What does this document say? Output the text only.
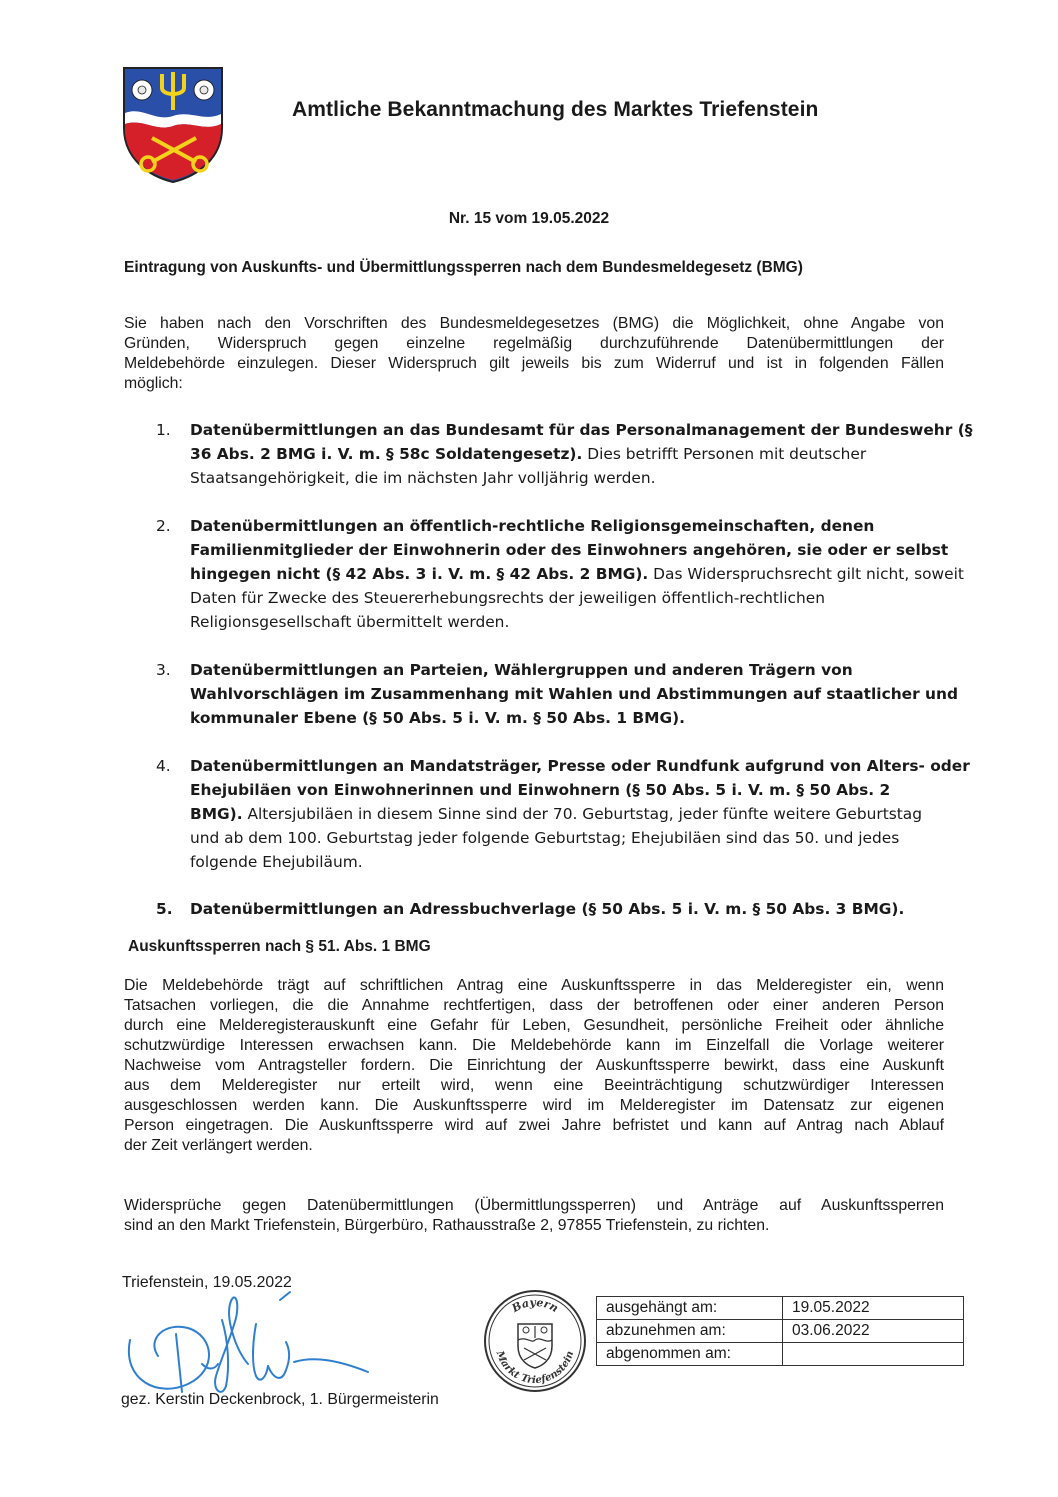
Amtliche Bekanntmachung des Marktes Triefenstein
Nr. 15 vom 19.05.2022
Eintragung von Auskunfts- und Übermittlungssperren nach dem Bundesmeldegesetz (BMG)
Sie haben nach den Vorschriften des Bundesmeldegesetzes (BMG) die Möglichkeit, ohne Angabe von
Gründen, Widerspruch gegen einzelne regelmäßig durchzuführende Datenübermittlungen der
Meldebehörde einzulegen. Dieser Widerspruch gilt jeweils bis zum Widerruf und ist in folgenden Fällen
möglich:
1.	Datenübermittlungen an das Bundesamt für das Personalmanagement der Bundeswehr (§
36 Abs. 2 BMG i. V. m. § 58c Soldatengesetz). Dies betrifft Personen mit deutscher
Staatsangehörigkeit, die im nächsten Jahr volljährig werden.
2.	Datenübermittlungen an öffentlich-rechtliche Religionsgemeinschaften, denen
Familienmitglieder der Einwohnerin oder des Einwohners angehören, sie oder er selbst
hingegen nicht (§ 42 Abs. 3 i. V. m. § 42 Abs. 2 BMG). Das Widerspruchsrecht gilt nicht, soweit
Daten für Zwecke des Steuererhebungsrechts der jeweiligen öffentlich-rechtlichen
Religionsgesellschaft übermittelt werden.
3.	Datenübermittlungen an Parteien, Wählergruppen und anderen Trägern von
Wahlvorschlägen im Zusammenhang mit Wahlen und Abstimmungen auf staatlicher und
kommunaler Ebene (§ 50 Abs. 5 i. V. m. § 50 Abs. 1 BMG).
4.	Datenübermittlungen an Mandatsträger, Presse oder Rundfunk aufgrund von Alters- oder
Ehejubiläen von Einwohnerinnen und Einwohnern (§ 50 Abs. 5 i. V. m. § 50 Abs. 2
BMG). Altersjubiläen in diesem Sinne sind der 70. Geburtstag, jeder fünfte weitere Geburtstag
und ab dem 100. Geburtstag jeder folgende Geburtstag; Ehejubiläen sind das 50. und jedes
folgende Ehejubiläum.
5.	Datenübermittlungen an Adressbuchverlage (§ 50 Abs. 5 i. V. m. § 50 Abs. 3 BMG).
Auskunftssperren nach § 51. Abs. 1 BMG
Die Meldebehörde trägt auf schriftlichen Antrag eine Auskunftssperre in das Melderegister ein, wenn
Tatsachen vorliegen, die die Annahme rechtfertigen, dass der betroffenen oder einer anderen Person
durch eine Melderegisterauskunft eine Gefahr für Leben, Gesundheit, persönliche Freiheit oder ähnliche
schutzwürdige Interessen erwachsen kann. Die Meldebehörde kann im Einzelfall die Vorlage weiterer
Nachweise vom Antragsteller fordern. Die Einrichtung der Auskunftssperre bewirkt, dass eine Auskunft
aus dem Melderegister nur erteilt wird, wenn eine Beeinträchtigung schutzwürdiger Interessen
ausgeschlossen werden kann. Die Auskunftssperre wird im Melderegister im Datensatz zur eigenen
Person eingetragen. Die Auskunftssperre wird auf zwei Jahre befristet und kann auf Antrag nach Ablauf
der Zeit verlängert werden.
Widersprüche gegen Datenübermittlungen (Übermittlungssperren) und Anträge auf Auskunftssperren
sind an den Markt Triefenstein, Bürgerbüro, Rathausstraße 2, 97855 Triefenstein, zu richten.
Triefenstein, 19.05.2022
gez. Kerstin Deckenbrock, 1. Bürgermeisterin
Bayern
Markt Triefenstein
ausgehängt am:	19.05.2022
abzunehmen am:	03.06.2022
abgenommen am:	
